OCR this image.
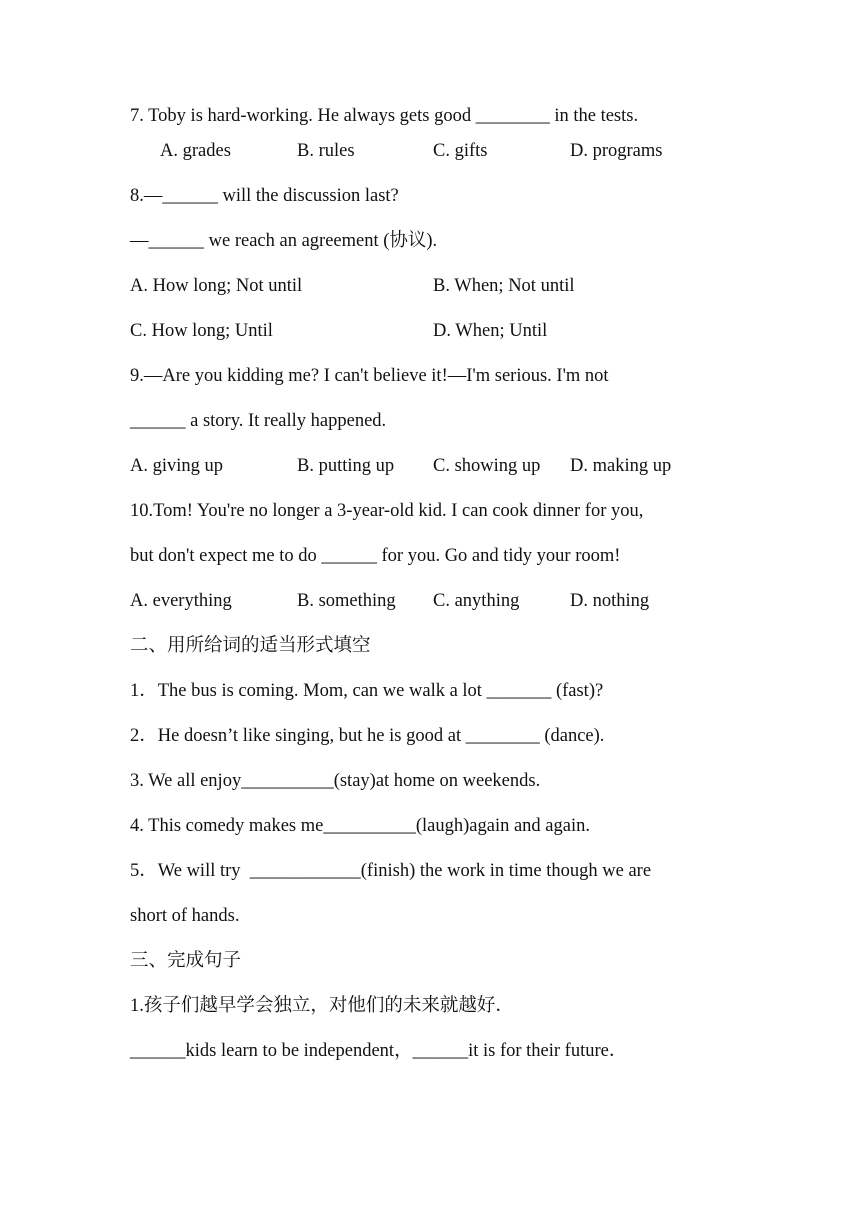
7. Toby is hard-working. He always gets good ________ in the tests.
A. grades	B. rules	C. gifts	D. programs
8.—______ will the discussion last?
—______ we reach an agreement (协议).
A. How long; Not until	B. When; Not until
C. How long; Until	D. When; Until
9.—Are you kidding me? I can't believe it!—I'm serious. I'm not
______ a story. It really happened.
A. giving up	B. putting up C. showing up D. making up
10.Tom! You're no longer a 3-year-old kid. I can cook dinner for you,
but don't expect me to do ______ for you. Go and tidy your room!
A. everything	B. something C. anything	D. nothing
二、用所给词的适当形式填空
1．The bus is coming. Mom, can we walk a lot _______ (fast)?
2．He doesn’t like singing, but he is good at ________ (dance).
3. We all enjoy__________(stay)at home on weekends.
4. This comedy makes me__________(laugh)again and again.
5．We will try  ____________(finish) the work in time though we are
short of hands.
三、完成句子
1.孩子们越早学会独立，对他们的未来就越好．
______kids learn to be independent，______it is for their future．
